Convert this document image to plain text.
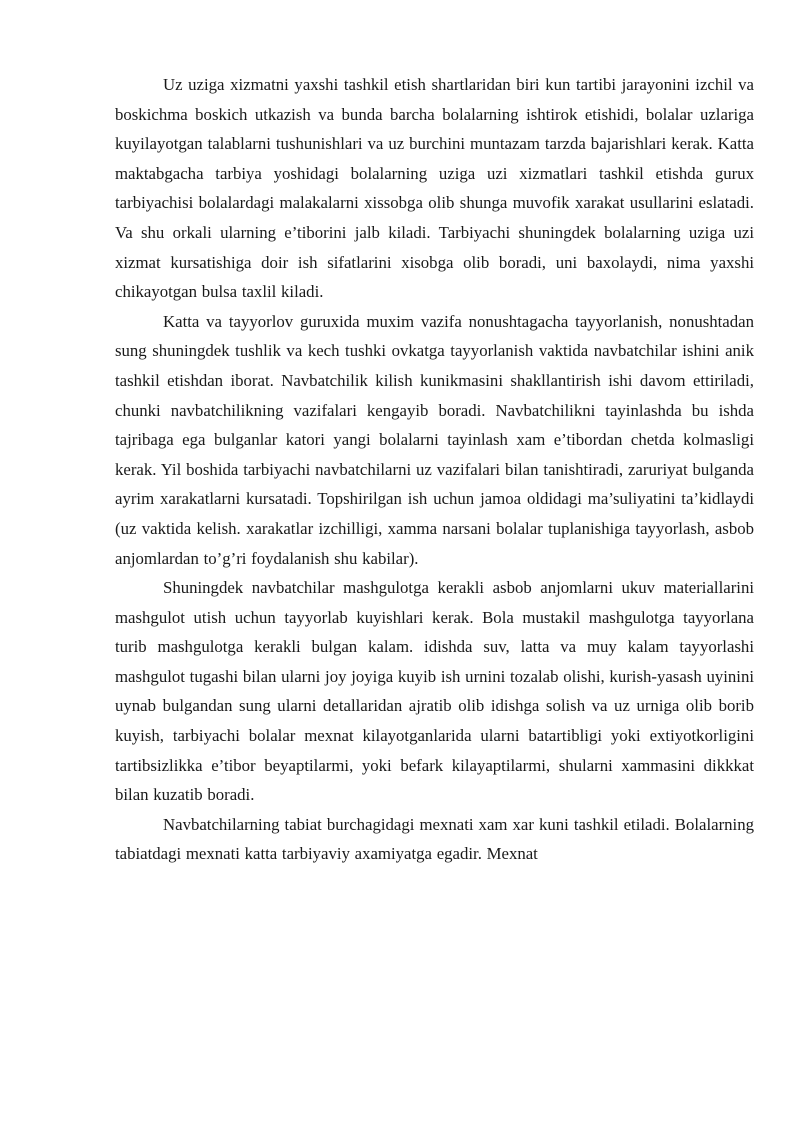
Uz uziga xizmatni yaxshi tashkil etish shartlaridan biri kun tartibi jarayonini izchil va boskichma boskich utkazish va bunda barcha bolalarning ishtirok etishidi, bolalar uzlariga kuyilayotgan talablarni tushunishlari va uz burchini muntazam tarzda bajarishlari kerak. Katta maktabgacha tarbiya yoshidagi bolalarning uziga uzi xizmatlari tashkil etishda gurux tarbiyachisi bolalardagi malakalarni xissobga olib shunga muvofik xarakat usullarini eslatadi. Va shu orkali ularning e’tiborini jalb kiladi. Tarbiyachi shuningdek bolalarning uziga uzi xizmat kursatishiga doir ish sifatlarini xisobga olib boradi, uni baxolaydi, nima yaxshi chikayotgan bulsa taxlil kiladi.

Katta va tayyorlov guruxida muxim vazifa nonushtagacha tayyorlanish, nonushtadan sung shuningdek tushlik va kech tushki ovkatga tayyorlanish vaktida navbatchilar ishini anik tashkil etishdan iborat. Navbatchilik kilish kunikmasini shakllantirish ishi davom ettiriladi, chunki navbatchilikning vazifalari kengayib boradi. Navbatchilikni tayinlashda bu ishda tajribaga ega bulganlar katori yangi bolalarni tayinlash xam e’tibordan chetda kolmasligi kerak. Yil boshida tarbiyachi navbatchilarni uz vazifalari bilan tanishtiradi, zaruriyat bulganda ayrim xarakatlarni kursatadi. Topshirilgan ish uchun jamoa oldidagi ma’suliyatini ta’kidlaydi (uz vaktida kelish. xarakatlar izchilligi, xamma narsani bolalar tuplanishiga tayyorlash, asbob anjomlardan to’g’ri foydalanish shu kabilar).

Shuningdek navbatchilar mashgulotga kerakli asbob anjomlarni ukuv materiallarini mashgulot utish uchun tayyorlab kuyishlari kerak. Bola mustakil mashgulotga tayyorlana turib mashgulotga kerakli bulgan kalam. idishda suv, latta va muy kalam tayyorlashi mashgulot tugashi bilan ularni joy joyiga kuyib ish urnini tozalab olishi, kurish-yasash uyinini uynab bulgandan sung ularni detallaridan ajratib olib idishga solish va uz urniga olib borib kuyish, tarbiyachi bolalar mexnat kilayotganlarida ularni batartibligi yoki extiyotkorligini tartibsizlikka e’tibor beyaptilarmi, yoki befark kilayaptilarmi, shularni xammasini dikkkat bilan kuzatib boradi.

Navbatchilarning tabiat burchagidagi mexnati xam xar kuni tashkil etiladi. Bolalarning tabiatdagi mexnati katta tarbiyaviy axamiyatga egadir. Mexnat
